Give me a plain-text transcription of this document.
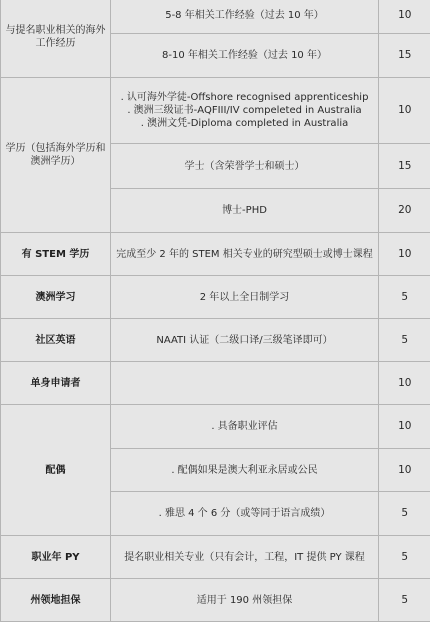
与提名职业相关的海外工作经历	5-8 年相关工作经验（过去 10 年）	10
	8-10 年相关工作经验（过去 10 年）	15
学历（包括海外学历和澳洲学历）	. 认可海外学徒-Offshore recognised apprenticeship
. 澳洲三级证书-AQFIII/IV compeleted in Australia
. 澳洲文凭-Diploma completed in Australia	10
	学士（含荣誉学士和硕士）	15
	博士-PHD	20
有 STEM 学历	完成至少 2 年的 STEM 相关专业的研究型硕士或博士课程	10
澳洲学习	2 年以上全日制学习	5
社区英语	NAATI 认证（二级口译/三级笔译即可）	5
单身申请者		10
配偶	. 具备职业评估	10
	. 配偶如果是澳大利亚永居或公民	10
	. 雅思 4 个 6 分（或等同于语言成绩）	5
职业年 PY	提名职业相关专业（只有会计，工程，IT 提供 PY 课程	5
州领地担保	适用于 190 州领担保	5
